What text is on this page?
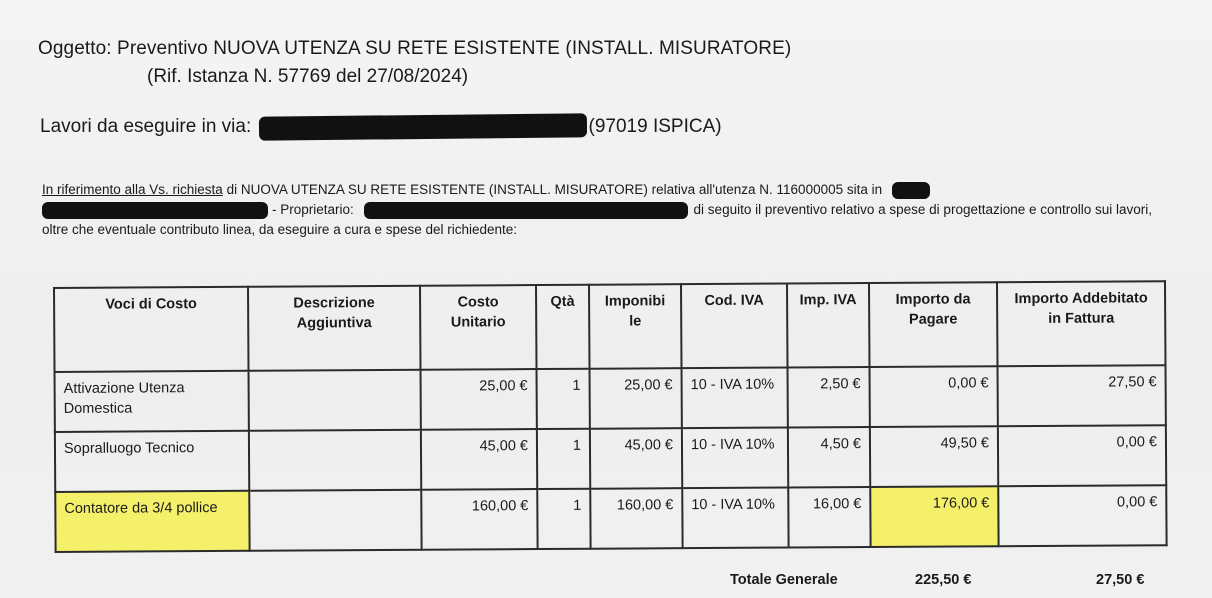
Oggetto: Preventivo NUOVA UTENZA SU RETE ESISTENTE (INSTALL. MISURATORE)
(Rif. Istanza N. 57769 del 27/08/2024)
Lavori da eseguire in via:	(97019 ISPICA)
In riferimento alla Vs. richiesta di NUOVA UTENZA SU RETE ESISTENTE (INSTALL. MISURATORE) relativa all'utenza N. 116000005 sita in
- Proprietario:	di seguito il preventivo relativo a spese di progettazione e controllo sui lavori, oltre che eventuale contributo linea, da eseguire a cura e spese del richiedente:
Voci di Costo	Descrizione Aggiuntiva	Costo Unitario	Qtà	Imponibi le	Cod. IVA	Imp. IVA	Importo da Pagare	Importo Addebitato in Fattura
Attivazione Utenza Domestica		25,00 €	1	25,00 €	10 - IVA 10%	2,50 €	0,00 €	27,50 €
Sopralluogo Tecnico		45,00 €	1	45,00 €	10 - IVA 10%	4,50 €	49,50 €	0,00 €
Contatore da 3/4 pollice		160,00 €	1	160,00 €	10 - IVA 10%	16,00 €	176,00 €	0,00 €
Totale Generale	225,50 €	27,50 €
